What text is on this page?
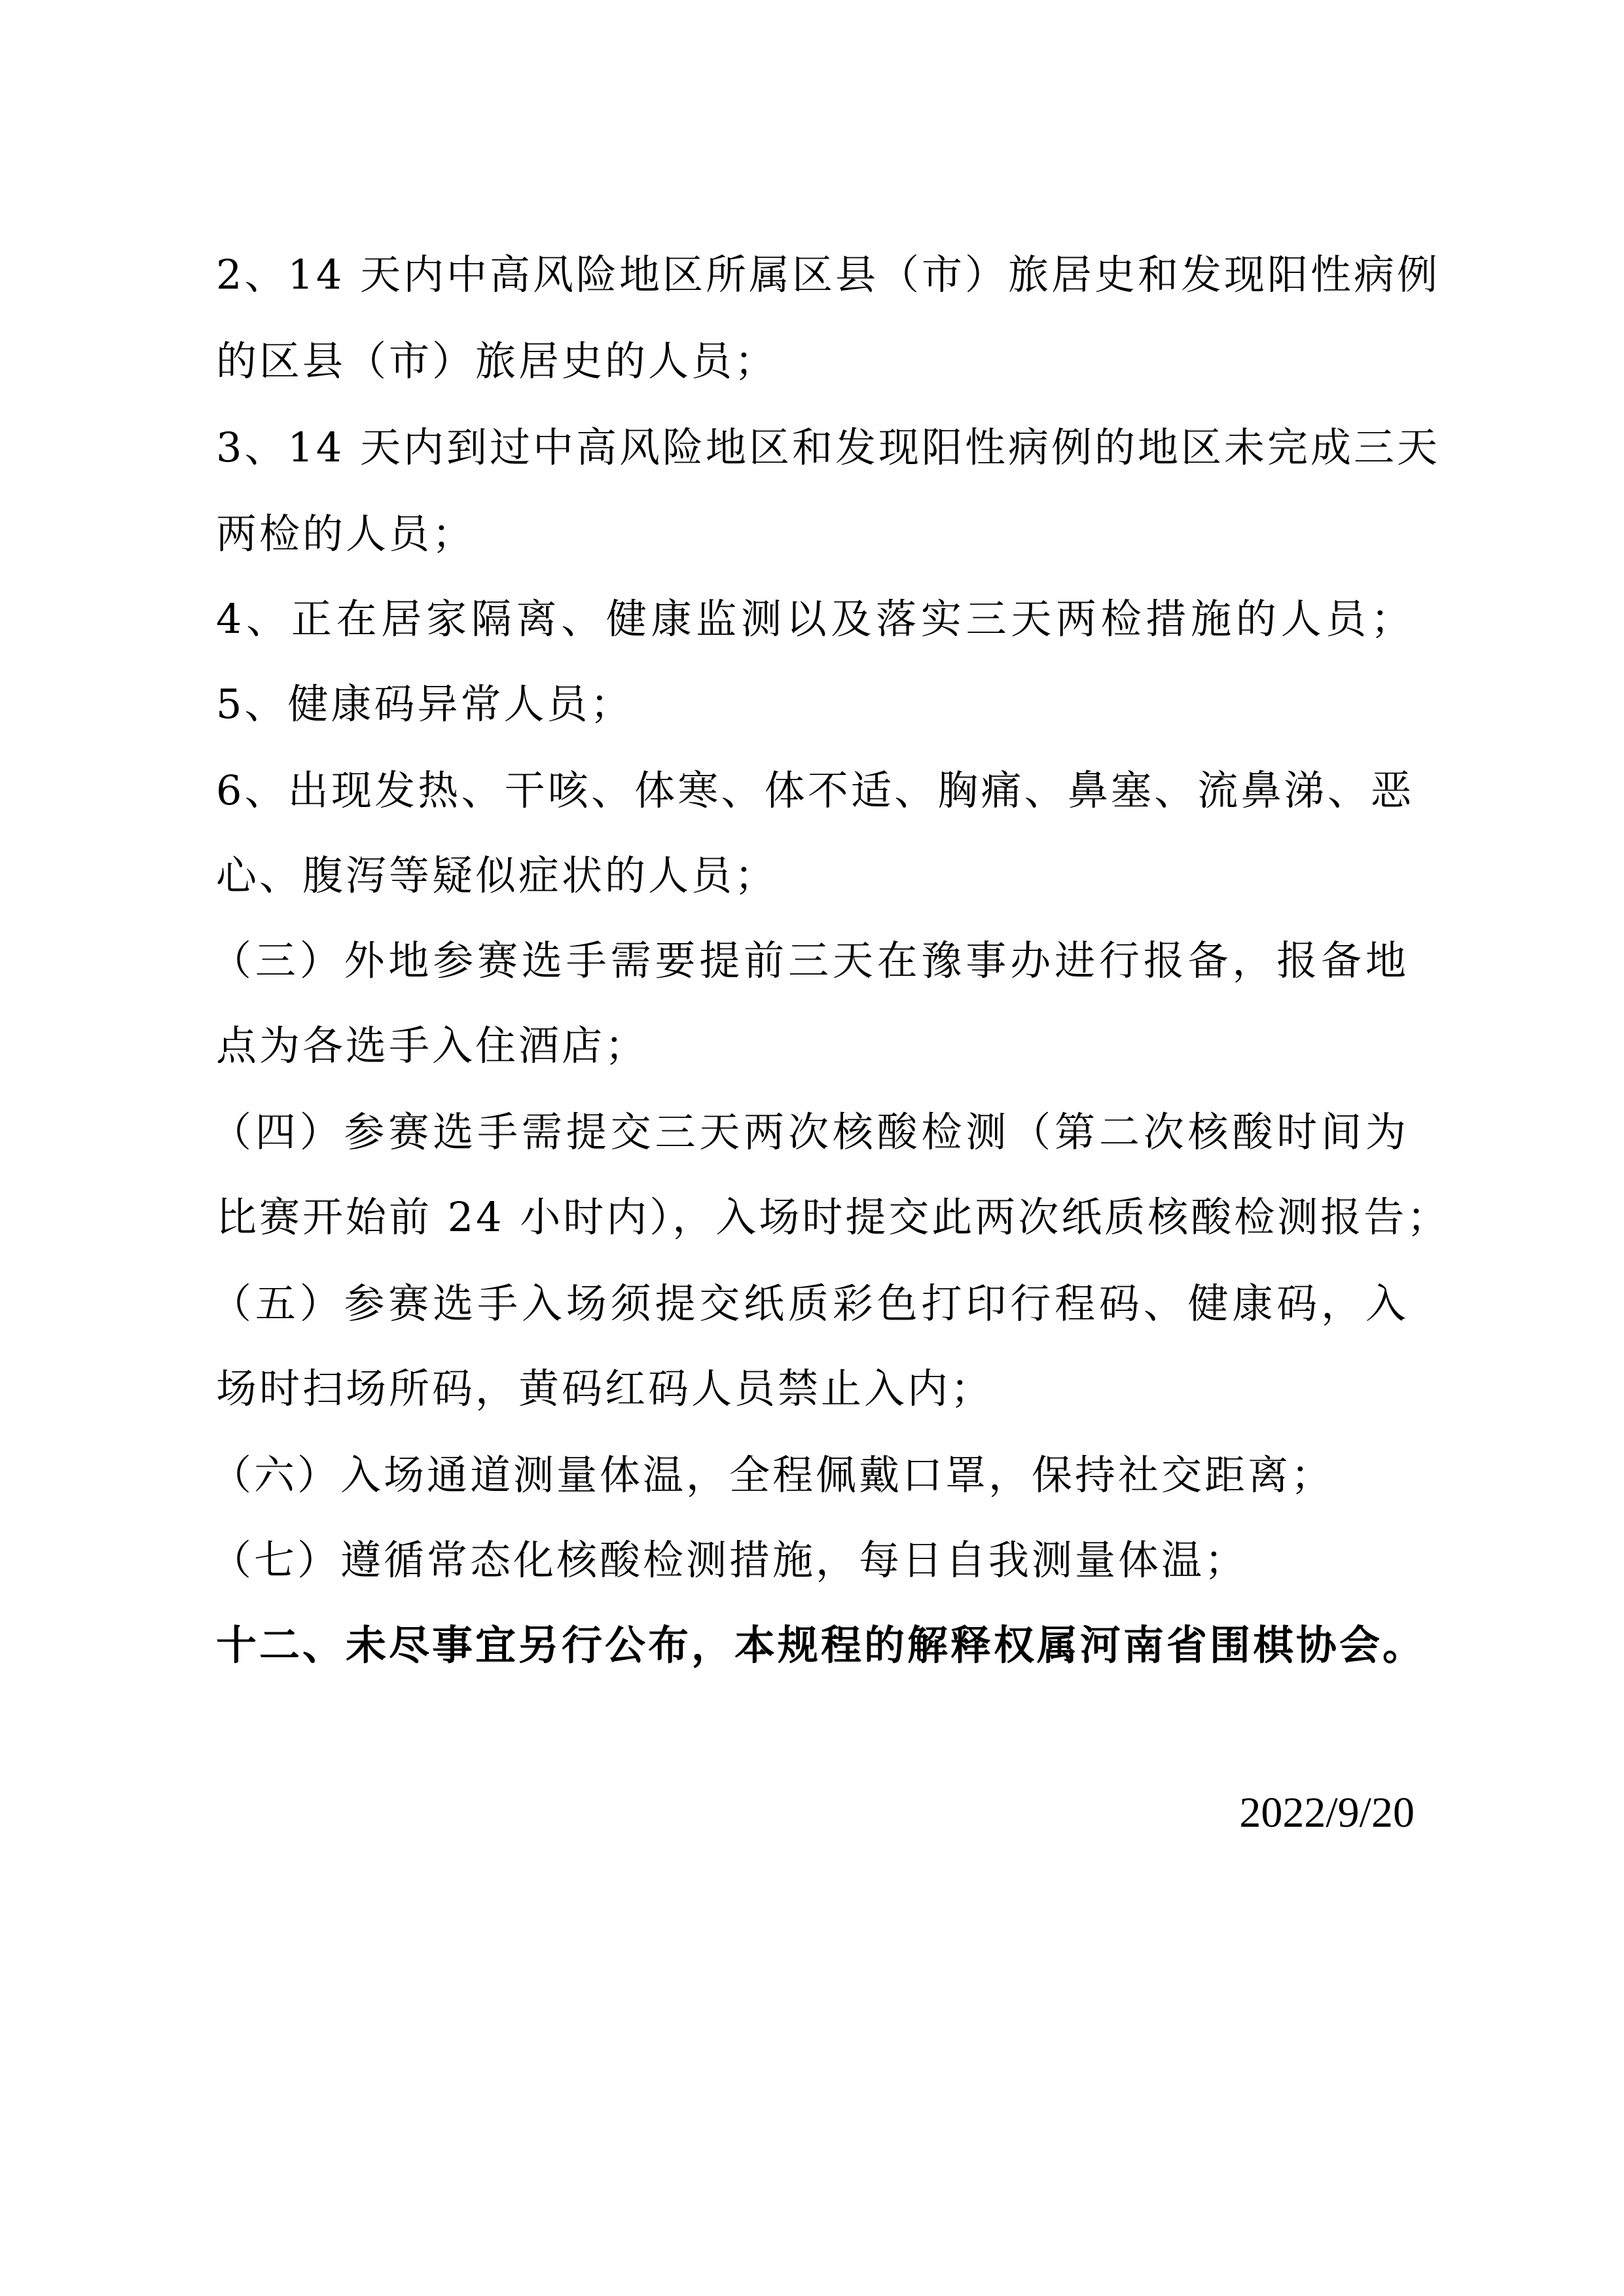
2、14 天内中高风险地区所属区县（市）旅居史和发现阳性病例
的区县（市）旅居史的人员；
3、14 天内到过中高风险地区和发现阳性病例的地区未完成三天
两检的人员；
4、正在居家隔离、健康监测以及落实三天两检措施的人员；
5、健康码异常人员；
6、出现发热、干咳、体寒、体不适、胸痛、鼻塞、流鼻涕、恶
心、腹泻等疑似症状的人员；
（三）外地参赛选手需要提前三天在豫事办进行报备，报备地
点为各选手入住酒店；
（四）参赛选手需提交三天两次核酸检测（第二次核酸时间为
比赛开始前 24 小时内），入场时提交此两次纸质核酸检测报告；
（五）参赛选手入场须提交纸质彩色打印行程码、健康码，入
场时扫场所码，黄码红码人员禁止入内；
（六）入场通道测量体温，全程佩戴口罩，保持社交距离；
（七）遵循常态化核酸检测措施，每日自我测量体温；
十二、未尽事宜另行公布，本规程的解释权属河南省围棋协会。
2022/9/20
